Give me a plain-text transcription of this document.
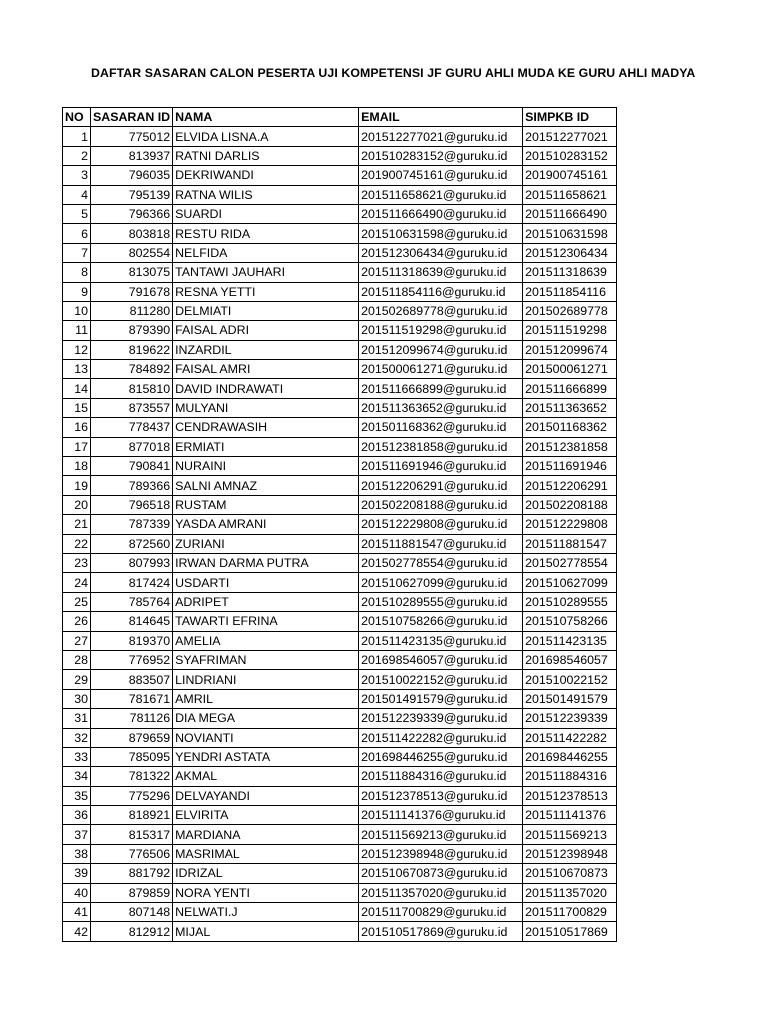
DAFTAR SASARAN CALON PESERTA UJI KOMPETENSI JF GURU AHLI MUDA KE GURU AHLI MADYA
NO	SASARAN ID	NAMA	EMAIL	SIMPKB ID
1	775012	ELVIDA LISNA.A	201512277021@guruku.id	201512277021
2	813937	RATNI DARLIS	201510283152@guruku.id	201510283152
3	796035	DEKRIWANDI	201900745161@guruku.id	201900745161
4	795139	RATNA WILIS	201511658621@guruku.id	201511658621
5	796366	SUARDI	201511666490@guruku.id	201511666490
6	803818	RESTU RIDA	201510631598@guruku.id	201510631598
7	802554	NELFIDA	201512306434@guruku.id	201512306434
8	813075	TANTAWI JAUHARI	201511318639@guruku.id	201511318639
9	791678	RESNA YETTI	201511854116@guruku.id	201511854116
10	811280	DELMIATI	201502689778@guruku.id	201502689778
11	879390	FAISAL ADRI	201511519298@guruku.id	201511519298
12	819622	INZARDIL	201512099674@guruku.id	201512099674
13	784892	FAISAL AMRI	201500061271@guruku.id	201500061271
14	815810	DAVID INDRAWATI	201511666899@guruku.id	201511666899
15	873557	MULYANI	201511363652@guruku.id	201511363652
16	778437	CENDRAWASIH	201501168362@guruku.id	201501168362
17	877018	ERMIATI	201512381858@guruku.id	201512381858
18	790841	NURAINI	201511691946@guruku.id	201511691946
19	789366	SALNI AMNAZ	201512206291@guruku.id	201512206291
20	796518	RUSTAM	201502208188@guruku.id	201502208188
21	787339	YASDA AMRANI	201512229808@guruku.id	201512229808
22	872560	ZURIANI	201511881547@guruku.id	201511881547
23	807993	IRWAN DARMA PUTRA	201502778554@guruku.id	201502778554
24	817424	USDARTI	201510627099@guruku.id	201510627099
25	785764	ADRIPET	201510289555@guruku.id	201510289555
26	814645	TAWARTI EFRINA	201510758266@guruku.id	201510758266
27	819370	AMELIA	201511423135@guruku.id	201511423135
28	776952	SYAFRIMAN	201698546057@guruku.id	201698546057
29	883507	LINDRIANI	201510022152@guruku.id	201510022152
30	781671	AMRIL	201501491579@guruku.id	201501491579
31	781126	DIA MEGA	201512239339@guruku.id	201512239339
32	879659	NOVIANTI	201511422282@guruku.id	201511422282
33	785095	YENDRI ASTATA	201698446255@guruku.id	201698446255
34	781322	AKMAL	201511884316@guruku.id	201511884316
35	775296	DELVAYANDI	201512378513@guruku.id	201512378513
36	818921	ELVIRITA	201511141376@guruku.id	201511141376
37	815317	MARDIANA	201511569213@guruku.id	201511569213
38	776506	MASRIMAL	201512398948@guruku.id	201512398948
39	881792	IDRIZAL	201510670873@guruku.id	201510670873
40	879859	NORA YENTI	201511357020@guruku.id	201511357020
41	807148	NELWATI.J	201511700829@guruku.id	201511700829
42	812912	MIJAL	201510517869@guruku.id	201510517869
